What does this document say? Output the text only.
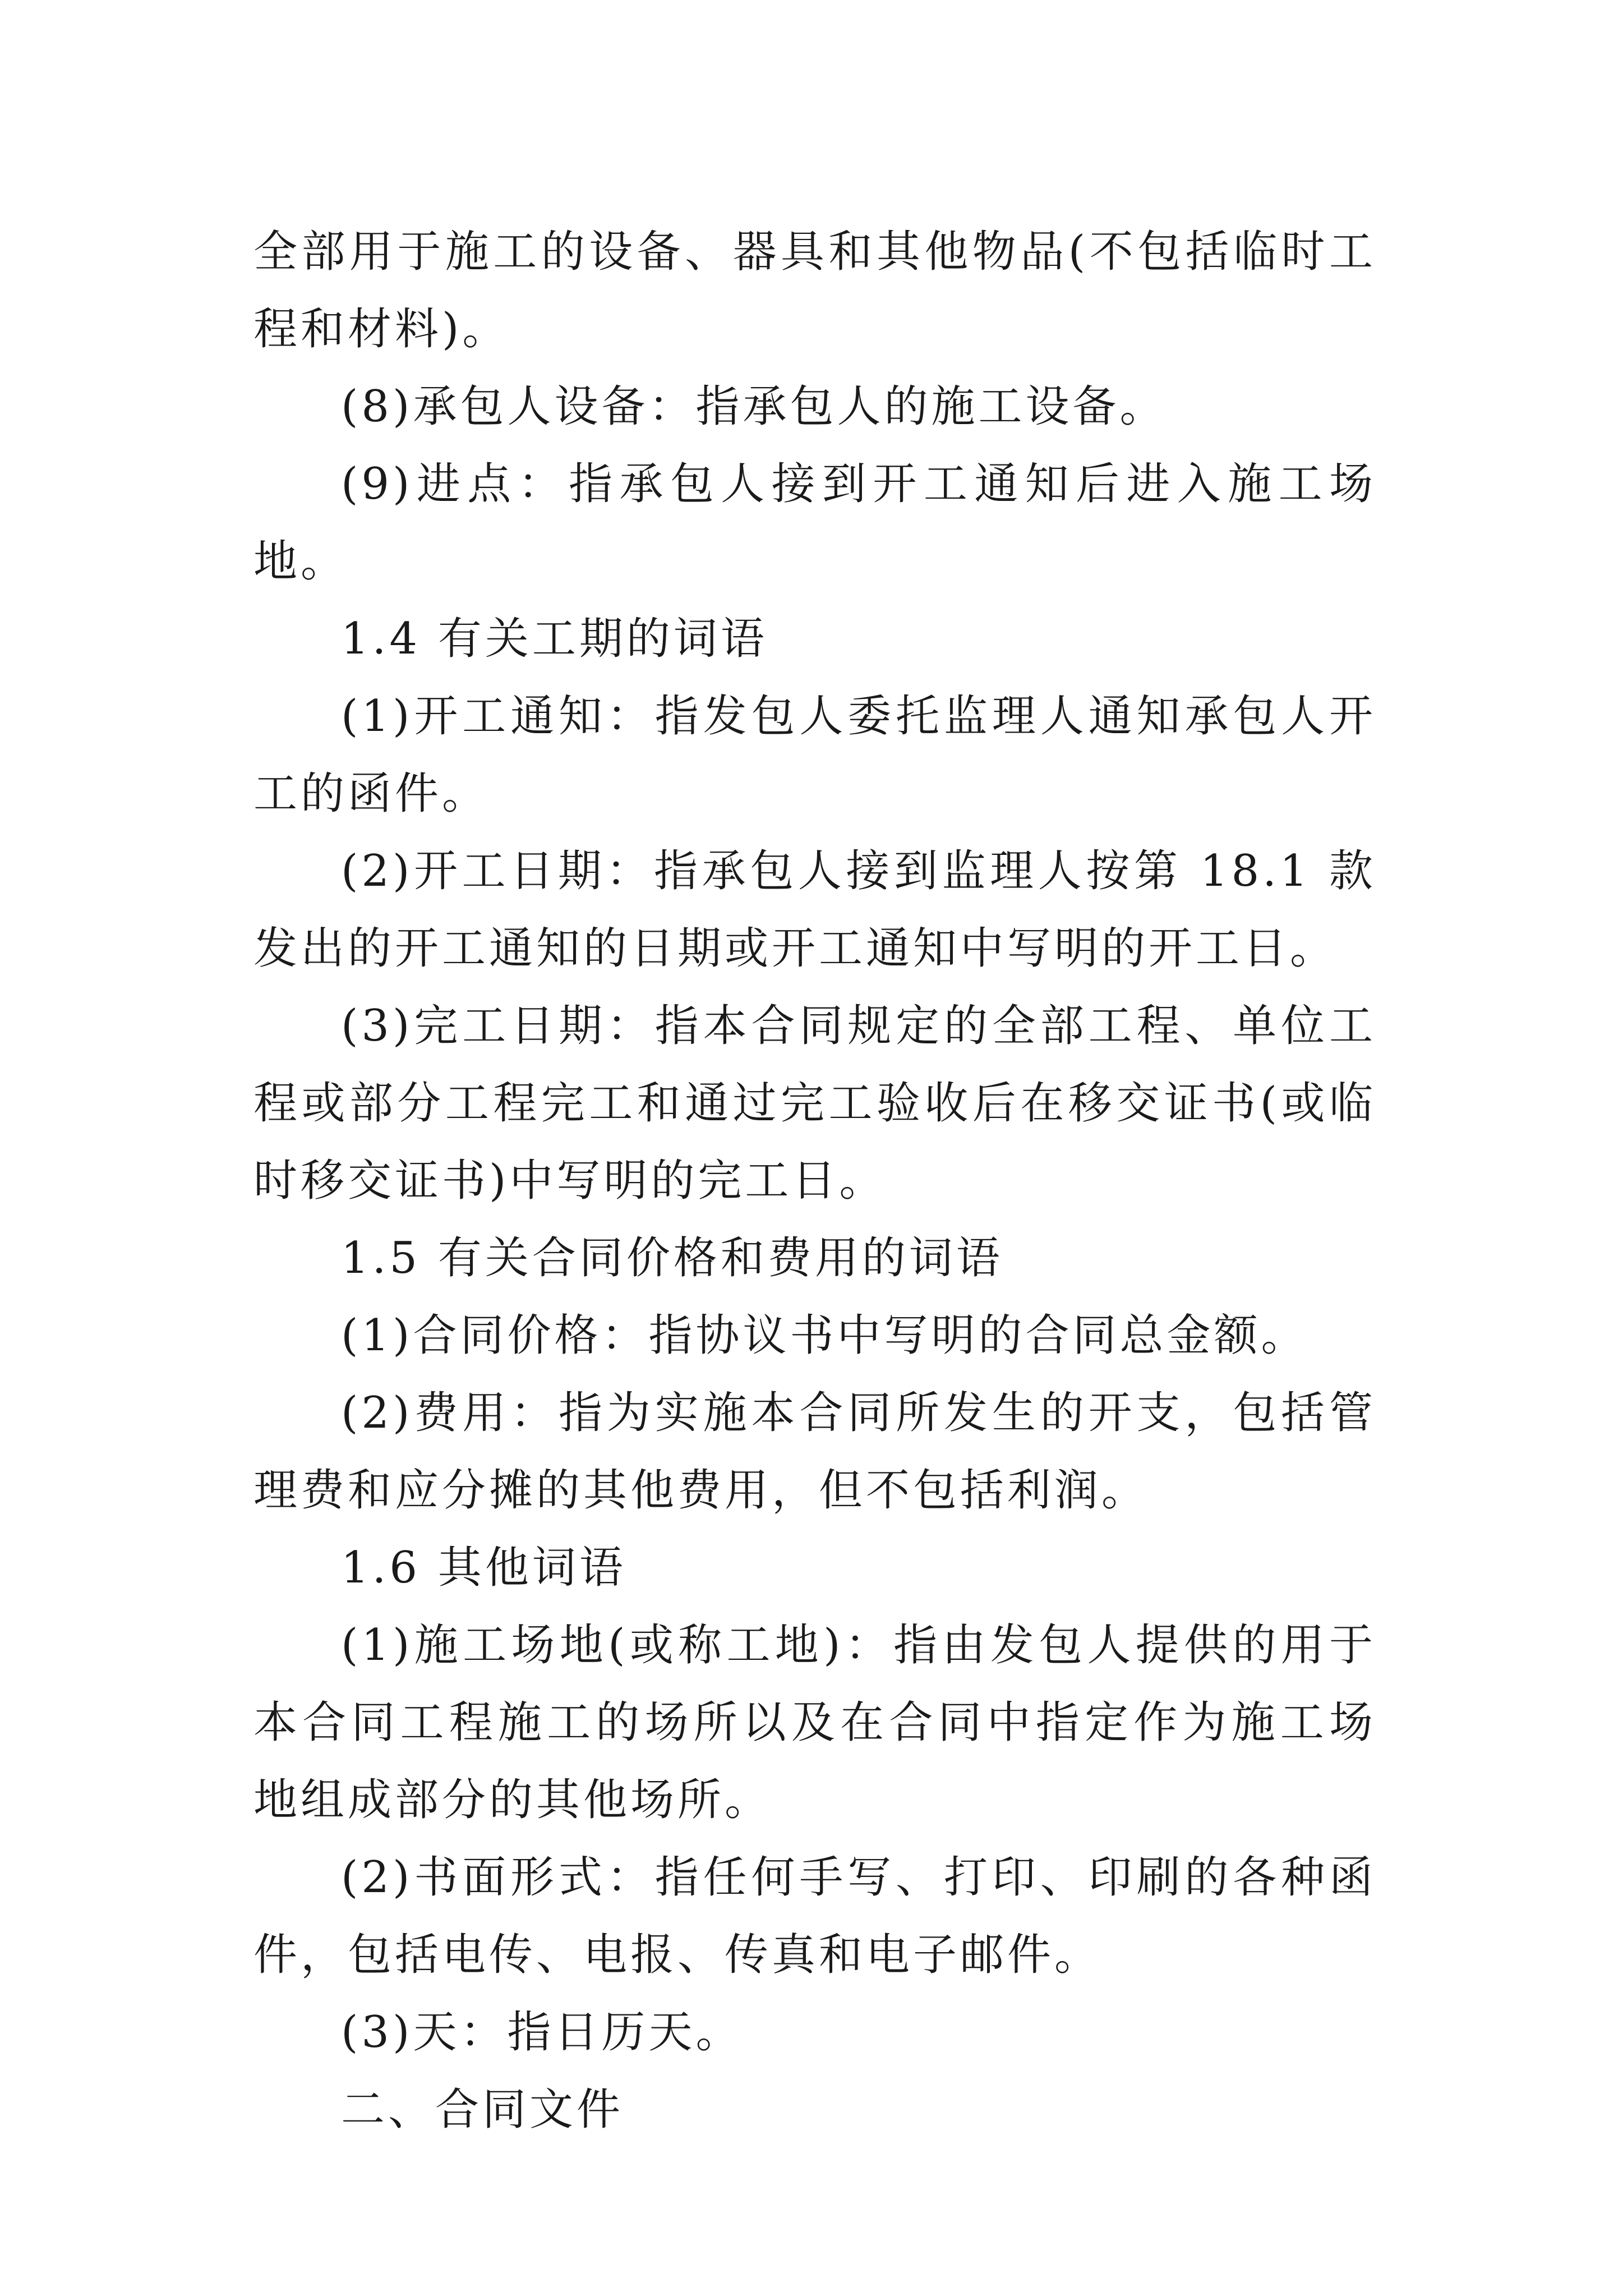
全部用于施工的设备、器具和其他物品(不包括临时工程和材料)。

(8)承包人设备：指承包人的施工设备。

(9)进点：指承包人接到开工通知后进入施工场地。

1.4 有关工期的词语

(1)开工通知：指发包人委托监理人通知承包人开工的函件。

(2)开工日期：指承包人接到监理人按第 18.1 款发出的开工通知的日期或开工通知中写明的开工日。

(3)完工日期：指本合同规定的全部工程、单位工程或部分工程完工和通过完工验收后在移交证书(或临时移交证书)中写明的完工日。

1.5 有关合同价格和费用的词语

(1)合同价格：指协议书中写明的合同总金额。

(2)费用：指为实施本合同所发生的开支，包括管理费和应分摊的其他费用，但不包括利润。

1.6 其他词语

(1)施工场地(或称工地)：指由发包人提供的用于本合同工程施工的场所以及在合同中指定作为施工场地组成部分的其他场所。

(2)书面形式：指任何手写、打印、印刷的各种函件，包括电传、电报、传真和电子邮件。

(3)天：指日历天。

二、合同文件
